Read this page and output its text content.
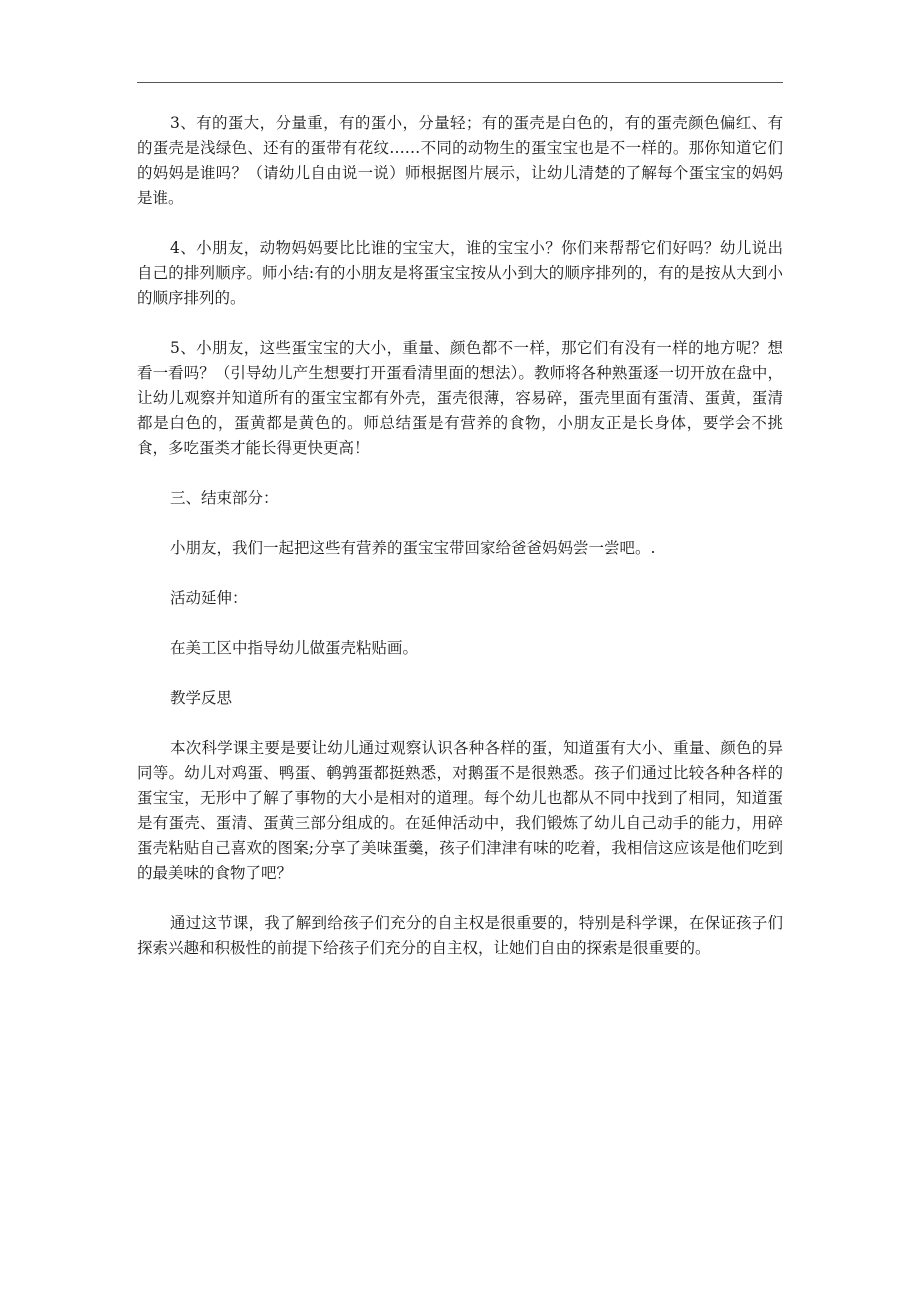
3、有的蛋大，分量重，有的蛋小，分量轻；有的蛋壳是白色的，有的蛋壳颜色偏红、有的蛋壳是浅绿色、还有的蛋带有花纹……不同的动物生的蛋宝宝也是不一样的。那你知道它们的妈妈是谁吗？（请幼儿自由说一说）师根据图片展示，让幼儿清楚的了解每个蛋宝宝的妈妈是谁。

4、小朋友，动物妈妈要比比谁的宝宝大，谁的宝宝小？你们来帮帮它们好吗？幼儿说出自己的排列顺序。师小结:有的小朋友是将蛋宝宝按从小到大的顺序排列的，有的是按从大到小的顺序排列的。

5、小朋友，这些蛋宝宝的大小，重量、颜色都不一样，那它们有没有一样的地方呢？想看一看吗？（引导幼儿产生想要打开蛋看清里面的想法）。教师将各种熟蛋逐一切开放在盘中，让幼儿观察并知道所有的蛋宝宝都有外壳，蛋壳很薄，容易碎，蛋壳里面有蛋清、蛋黄，蛋清都是白色的，蛋黄都是黄色的。师总结蛋是有营养的食物，小朋友正是长身体，要学会不挑食，多吃蛋类才能长得更快更高！

三、结束部分：

小朋友，我们一起把这些有营养的蛋宝宝带回家给爸爸妈妈尝一尝吧。.

活动延伸：

在美工区中指导幼儿做蛋壳粘贴画。

教学反思

本次科学课主要是要让幼儿通过观察认识各种各样的蛋，知道蛋有大小、重量、颜色的异同等。幼儿对鸡蛋、鸭蛋、鹌鹑蛋都挺熟悉，对鹅蛋不是很熟悉。孩子们通过比较各种各样的蛋宝宝，无形中了解了事物的大小是相对的道理。每个幼儿也都从不同中找到了相同，知道蛋是有蛋壳、蛋清、蛋黄三部分组成的。在延伸活动中，我们锻炼了幼儿自己动手的能力，用碎蛋壳粘贴自己喜欢的图案;分享了美味蛋羹，孩子们津津有味的吃着，我相信这应该是他们吃到的最美味的食物了吧？

通过这节课，我了解到给孩子们充分的自主权是很重要的，特别是科学课，在保证孩子们探索兴趣和积极性的前提下给孩子们充分的自主权，让她们自由的探索是很重要的。
